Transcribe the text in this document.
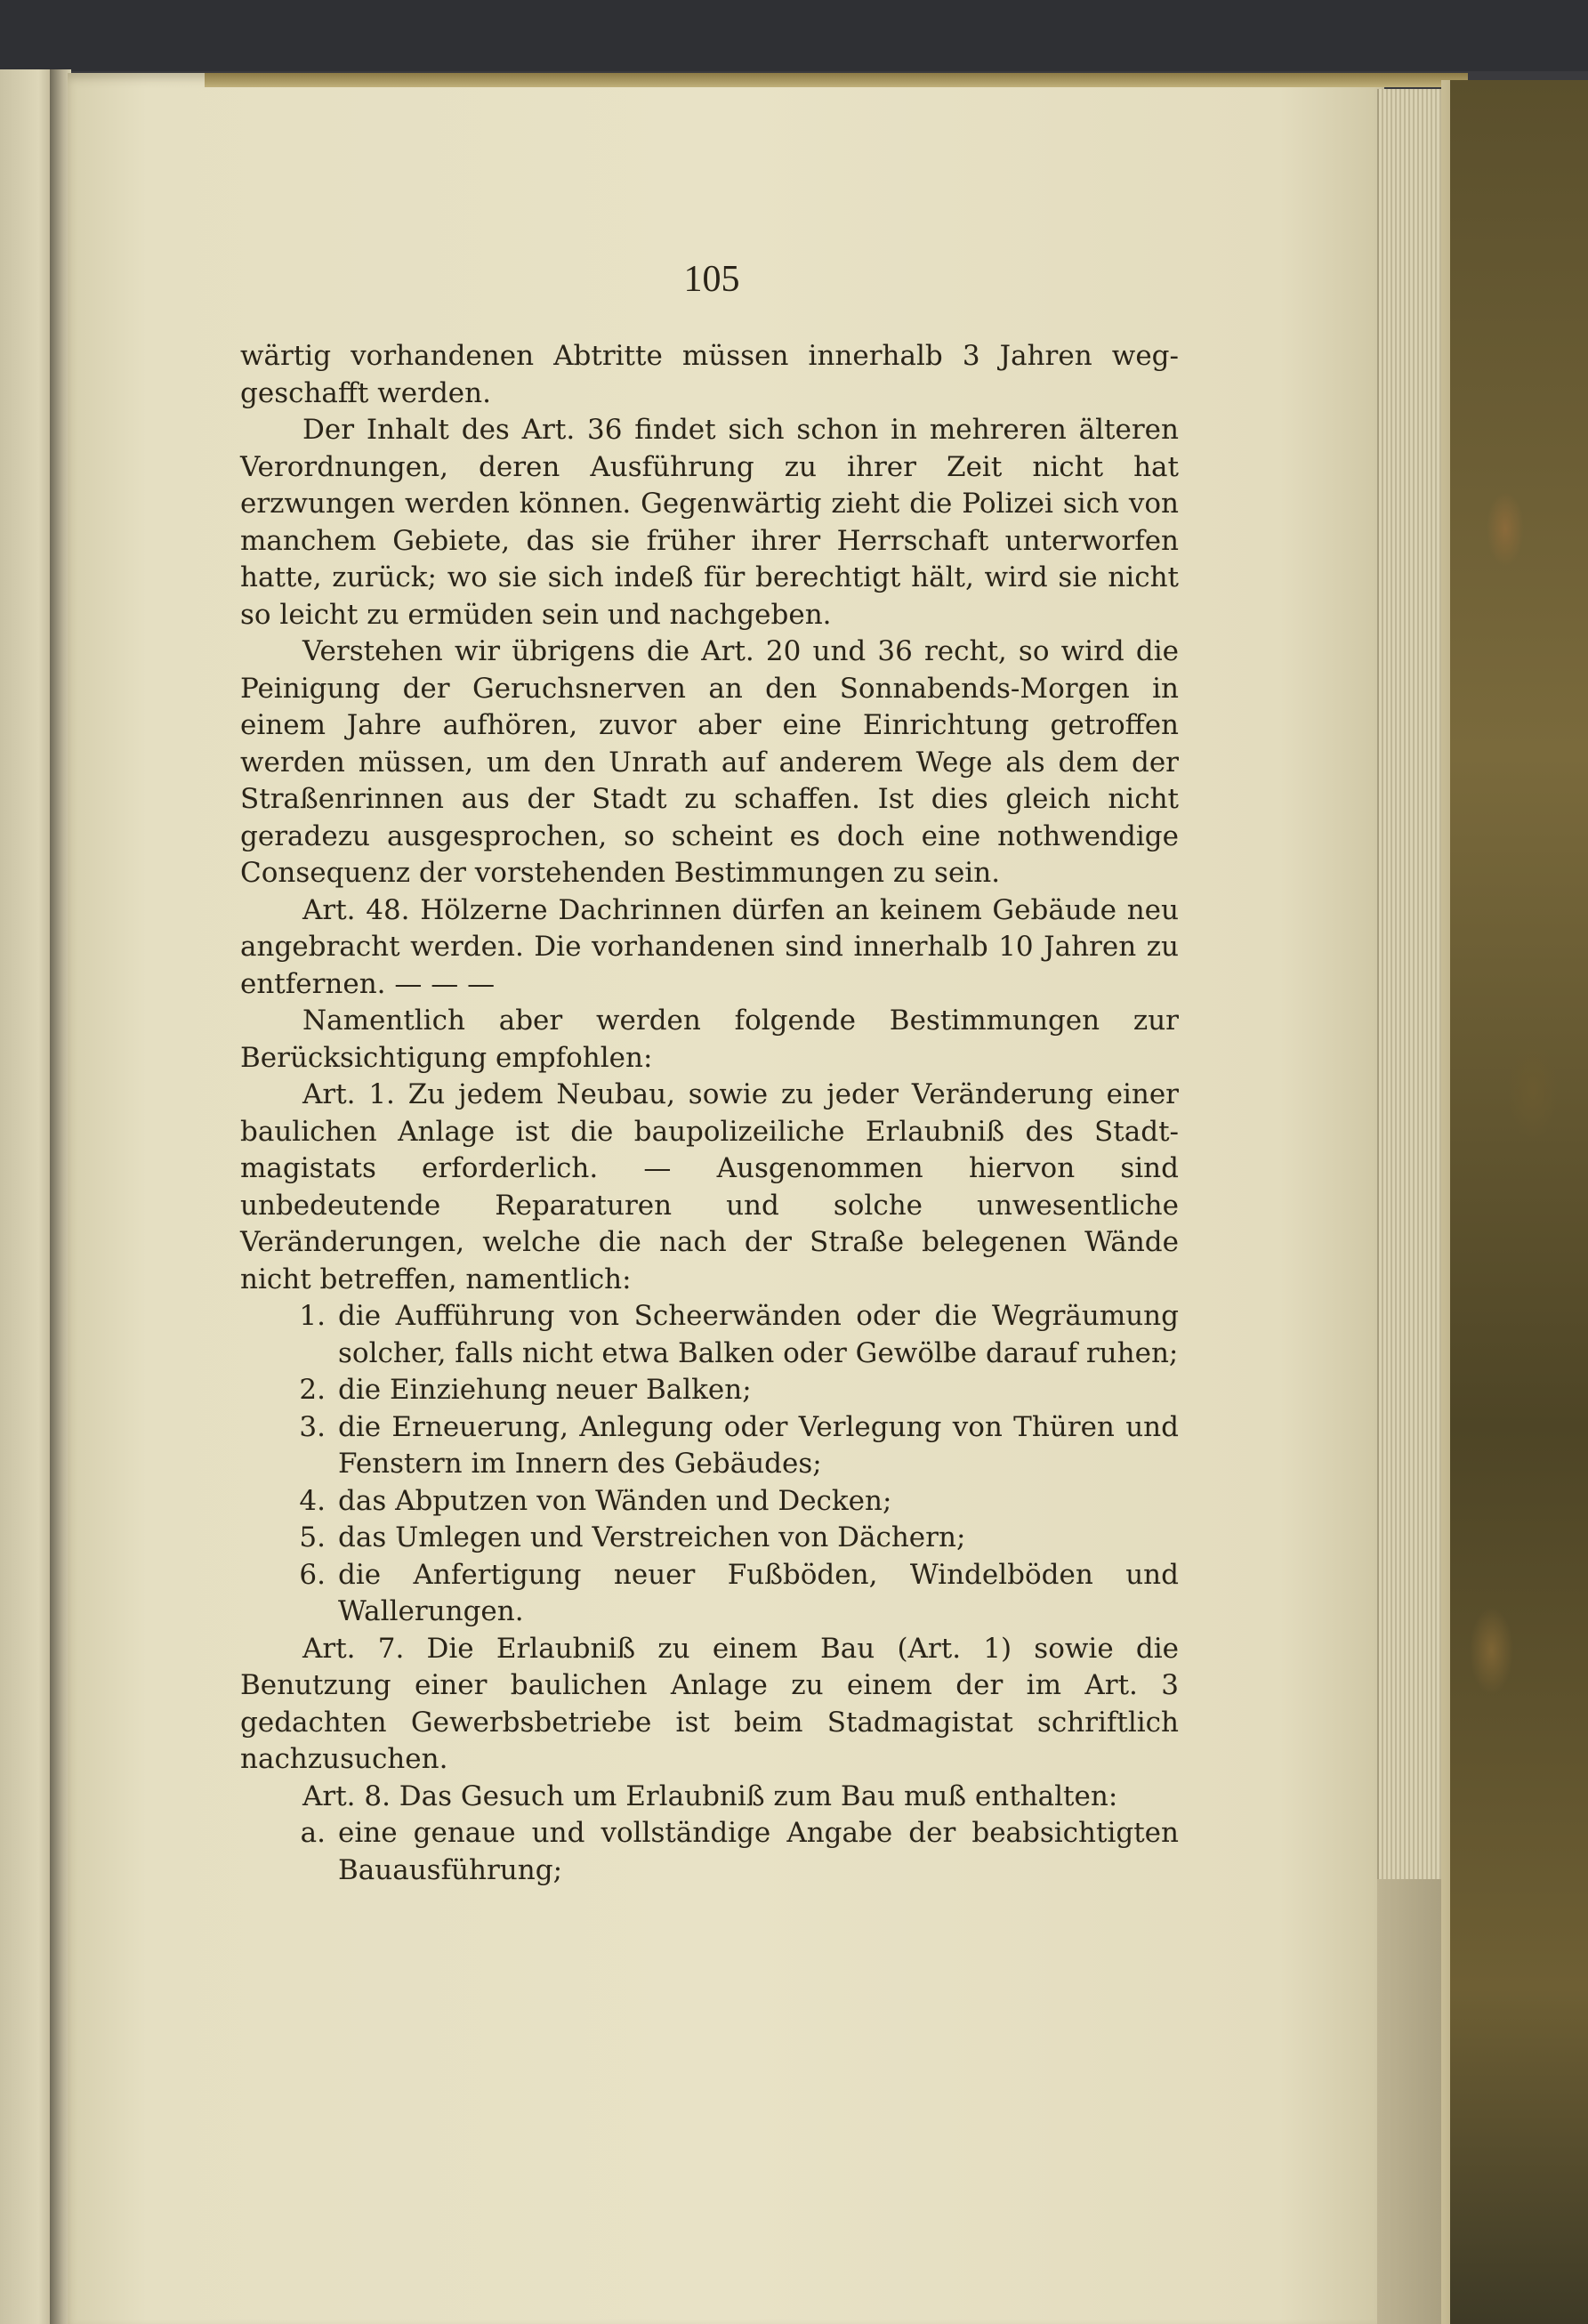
105

wärtig vorhandenen Abtritte müssen innerhalb 3 Jahren weg-geschafft werden.

Der Inhalt des Art. 36 findet sich schon in mehreren älteren Verordnungen, deren Ausführung zu ihrer Zeit nicht hat erzwungen werden können. Gegenwärtig zieht die Polizei sich von manchem Gebiete, das sie früher ihrer Herrschaft unterworfen hatte, zurück; wo sie sich indeß für berechtigt hält, wird sie nicht so leicht zu ermüden sein und nachgeben.

Verstehen wir übrigens die Art. 20 und 36 recht, so wird die Peinigung der Geruchsnerven an den Sonnabends-Morgen in einem Jahre aufhören, zuvor aber eine Einrichtung getroffen werden müssen, um den Unrath auf anderem Wege als dem der Straßenrinnen aus der Stadt zu schaffen. Ist dies gleich nicht geradezu ausgesprochen, so scheint es doch eine nothwendige Consequenz der vorstehenden Bestimmungen zu sein.

Art. 48. Hölzerne Dachrinnen dürfen an keinem Gebäude neu angebracht werden. Die vorhandenen sind innerhalb 10 Jahren zu entfernen. — — —

Namentlich aber werden folgende Bestimmungen zur Berücksichtigung empfohlen:

Art. 1. Zu jedem Neubau, sowie zu jeder Veränderung einer baulichen Anlage ist die baupolizeiliche Erlaubniß des Stadt-magistats erforderlich. — Ausgenommen hiervon sind unbedeutende Reparaturen und solche unwesentliche Veränderungen, welche die nach der Straße belegenen Wände nicht betreffen, namentlich:

1. die Aufführung von Scheerwänden oder die Wegräumung solcher, falls nicht etwa Balken oder Gewölbe darauf ruhen;
2. die Einziehung neuer Balken;
3. die Erneuerung, Anlegung oder Verlegung von Thüren und Fenstern im Innern des Gebäudes;
4. das Abputzen von Wänden und Decken;
5. das Umlegen und Verstreichen von Dächern;
6. die Anfertigung neuer Fußböden, Windelböden und Wallerungen.

Art. 7. Die Erlaubniß zu einem Bau (Art. 1) sowie die Benutzung einer baulichen Anlage zu einem der im Art. 3 gedachten Gewerbsbetriebe ist beim Stadmagistat schriftlich nachzusuchen.

Art. 8. Das Gesuch um Erlaubniß zum Bau muß enthalten:

a. eine genaue und vollständige Angabe der beabsichtigten Bauausführung;
